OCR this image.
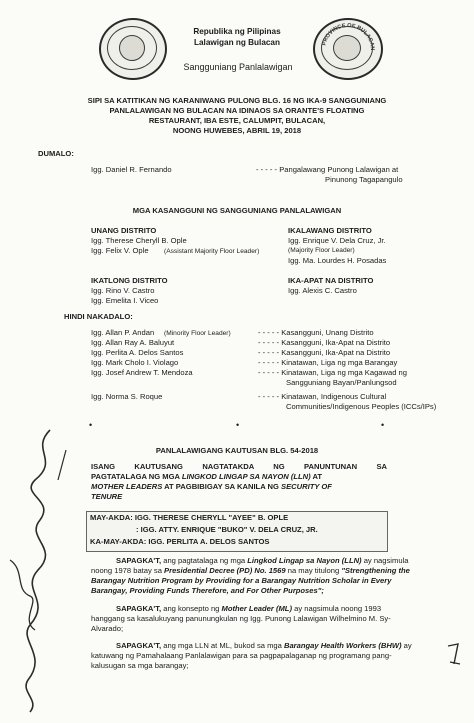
Republika ng Pilipinas
Lalawigan ng Bulacan
Sangguniang Panlalawigan
PROVINCE OF BULACAN
SIPI SA KATITIKAN NG KARANIWANG PULONG BLG. 16 NG IKA-9 SANGGUNIANG
PANLALAWIGAN NG BULACAN NA IDINAOS SA ORANTE'S FLOATING
RESTAURANT, IBA ESTE, CALUMPIT, BULACAN,
NOONG HUWEBES, ABRIL 19, 2018
DUMALO:
Igg. Daniel R. Fernando	- - - - - Pangalawang Punong Lalawigan at
Pinunong Tagapangulo
MGA KASANGGUNI NG SANGGUNIANG PANLALAWIGAN
UNANG DISTRITO
Igg. Therese Cheryll B. Ople
Igg. Felix V. Ople (Assistant Majority Floor Leader)
IKALAWANG DISTRITO
Igg. Enrique V. Dela Cruz, Jr.
(Majority Floor Leader)
Igg. Ma. Lourdes H. Posadas
IKATLONG DISTRITO
Igg. Rino V. Castro
Igg. Emelita I. Viceo
IKA-APAT NA DISTRITO
Igg. Alexis C. Castro
HINDI NAKADALO:
Igg. Allan P. Andan (Minority Floor Leader)	- - - - - Kasangguni, Unang Distrito
Igg. Allan Ray A. Baluyut	- - - - - Kasangguni, Ika-Apat na Distrito
Igg. Perlita A. Delos Santos	- - - - - Kasangguni, Ika-Apat na Distrito
Igg. Mark Cholo I. Violago	- - - - - Kinatawan, Liga ng mga Barangay
Igg. Josef Andrew T. Mendoza	- - - - - Kinatawan, Liga ng mga Kagawad ng
Sangguniang Bayan/Panlungsod
Igg. Norma S. Roque	- - - - - Kinatawan, Indigenous Cultural
Communities/Indigenous Peoples (ICCs/IPs)
•	•	•
PANLALAWIGANG KAUTUSAN BLG. 54-2018
ISANG KAUTUSANG NAGTATAKDA NG PANUNTUNAN SA
PAGTATALAGA NG MGA LINGKOD LINGAP SA NAYON (LLN) AT
MOTHER LEADERS AT PAGBIBIGAY SA KANILA NG SECURITY OF
TENURE
MAY-AKDA: IGG. THERESE CHERYLL "AYEE" B. OPLE
: IGG. ATTY. ENRIQUE "BUKO" V. DELA CRUZ, JR.
KA-MAY-AKDA: IGG. PERLITA A. DELOS SANTOS
SAPAGKA'T, ang pagtatalaga ng mga Lingkod Lingap sa Nayon (LLN) ay nagsimula
noong 1978 batay sa Presidential Decree (PD) No. 1569 na may titulong "Strengthening the
Barangay Nutrition Program by Providing for a Barangay Nutrition Scholar in Every
Barangay, Providing Funds Therefore, and For Other Purposes";
SAPAGKA'T, ang konsepto ng Mother Leader (ML) ay nagsimula noong 1993
hanggang sa kasalukuyang panunungkulan ng Igg. Punong Lalawigan Wilhelmino M. Sy-
Alvarado;
SAPAGKA'T, ang mga LLN at ML, bukod sa mga Barangay Health Workers (BHW) ay
katuwang ng Pamahalaang Panlalawigan para sa pagpapalaganap ng programang pang-
kalusugan sa mga barangay;
